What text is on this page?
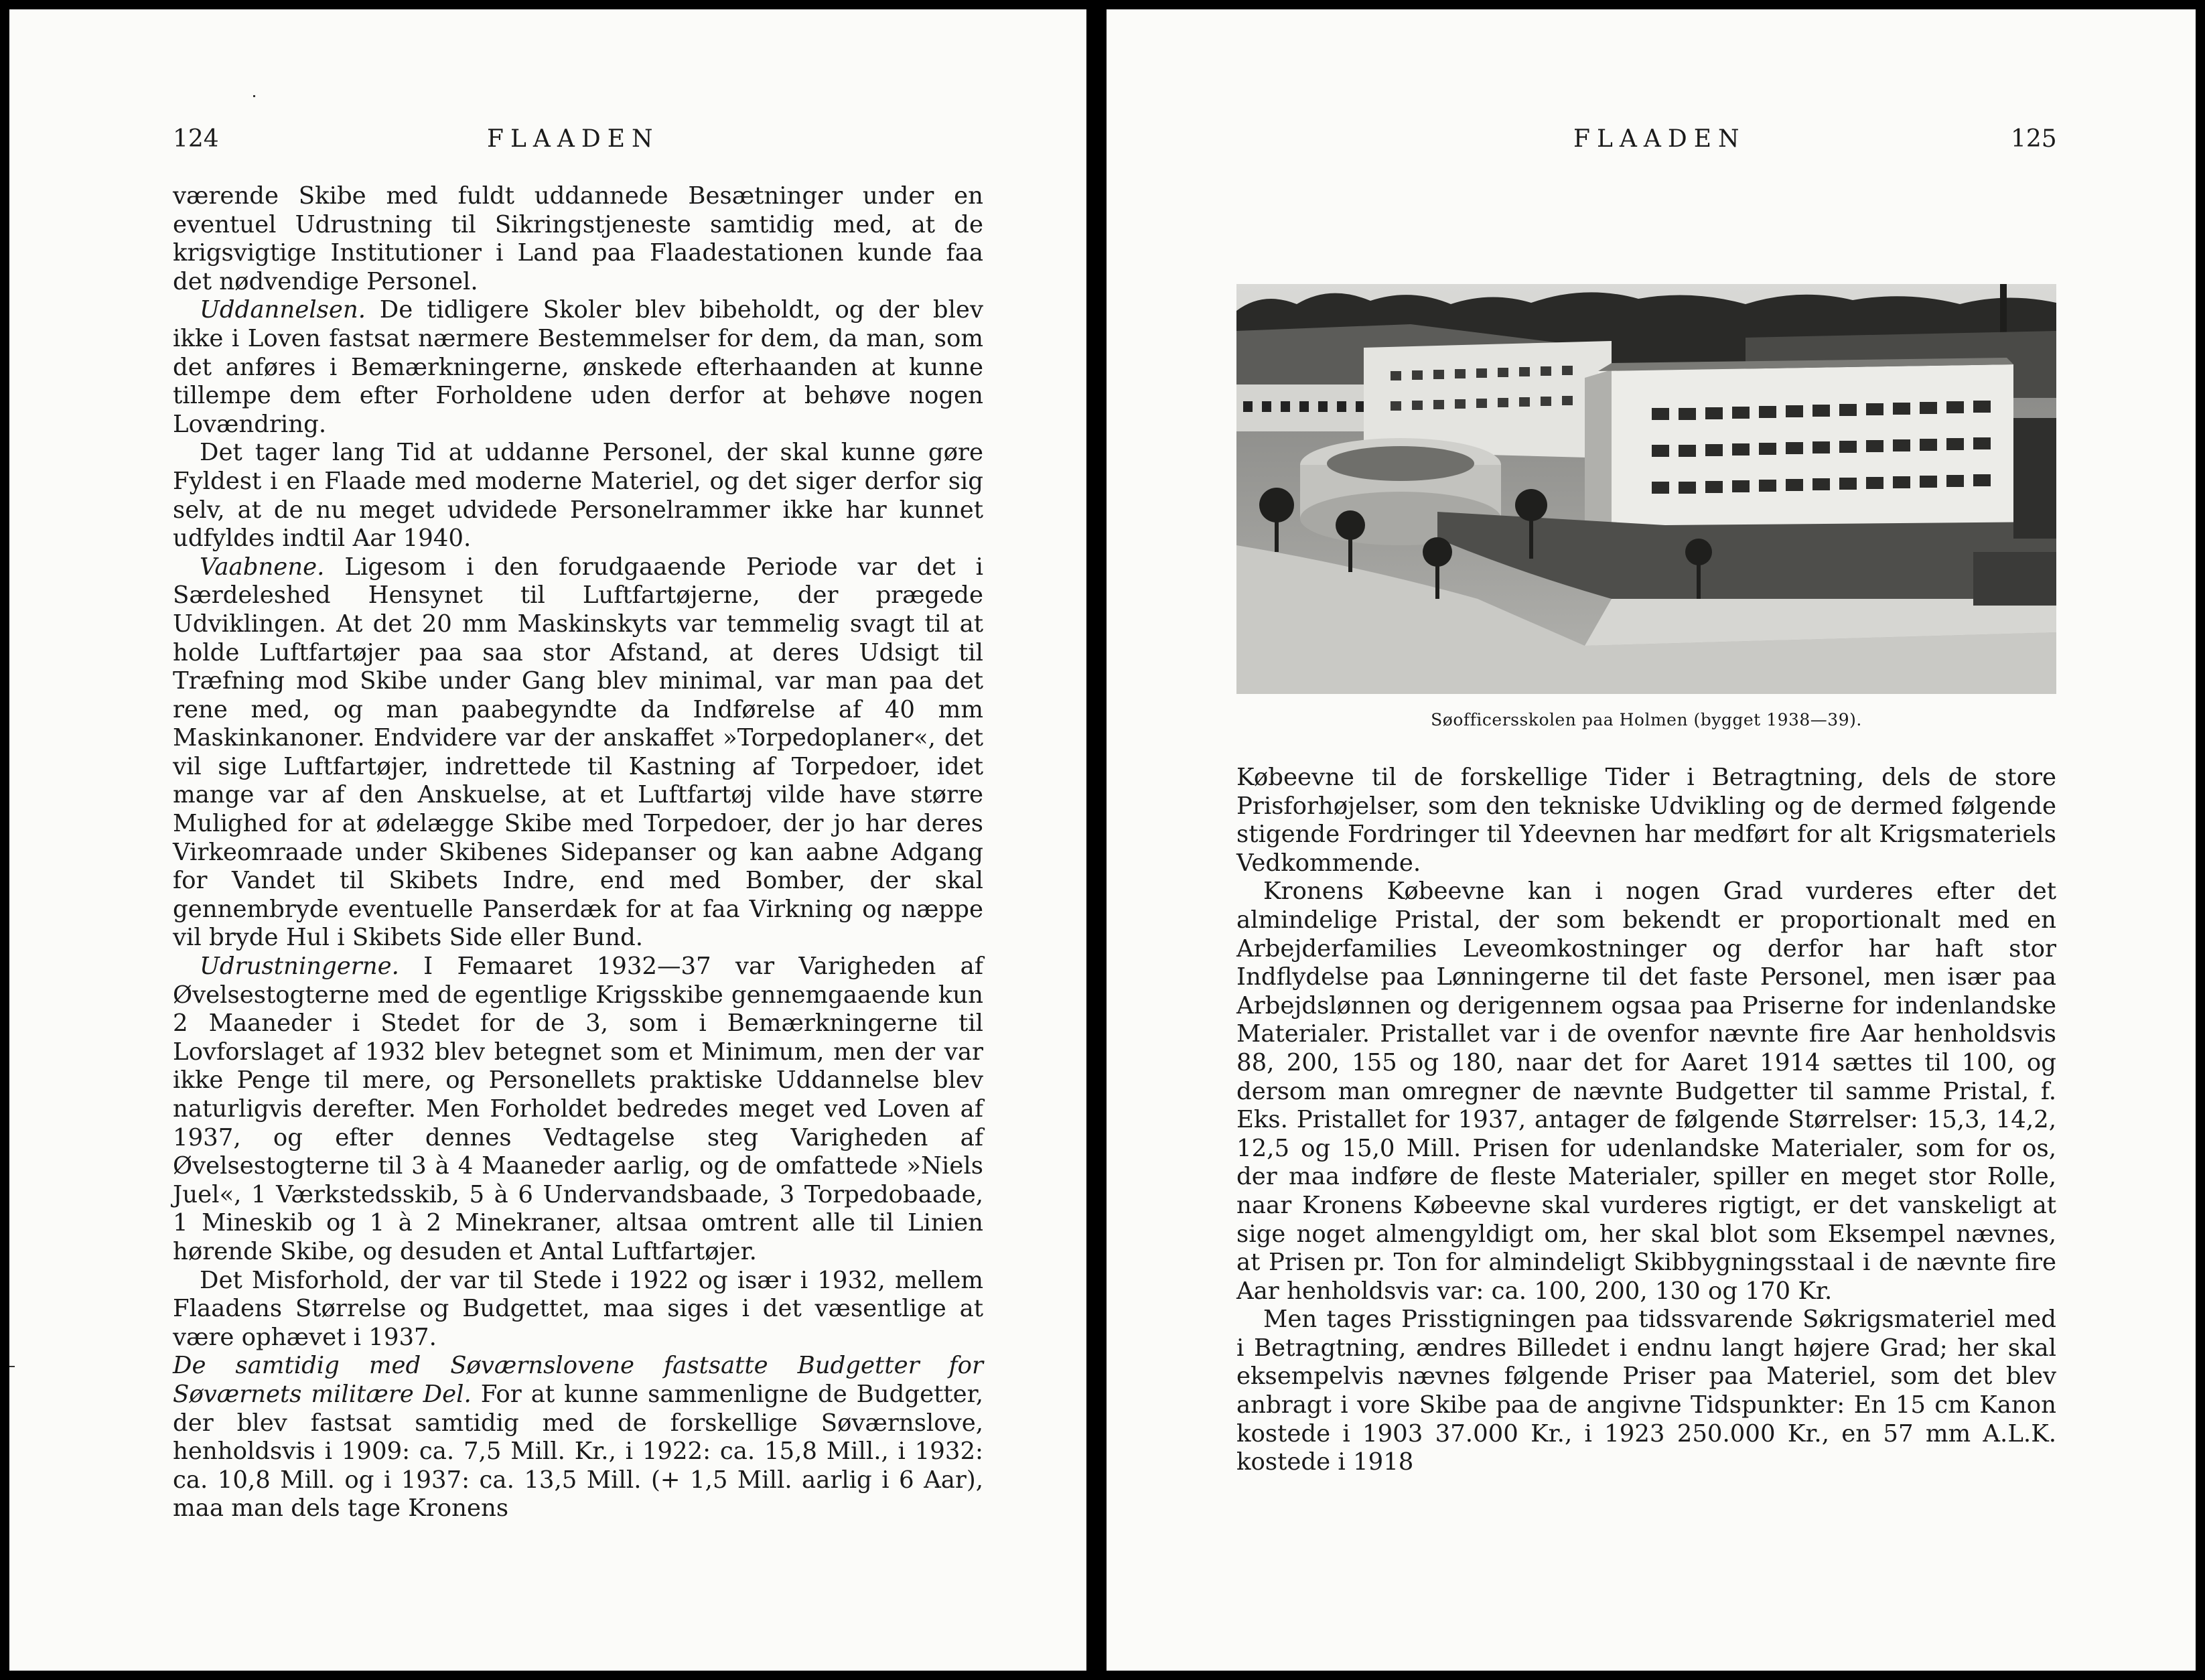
124	FLAADEN

værende Skibe med fuldt uddannede Besætninger under en eventuel Udrustning til Sikringstjeneste samtidig med, at de krigsvigtige Institutioner i Land paa Flaadestationen kunde faa det nødvendige Personel.

Uddannelsen. De tidligere Skoler blev bibeholdt, og der blev ikke i Loven fastsat nærmere Bestemmelser for dem, da man, som det anføres i Bemærkningerne, ønskede efterhaanden at kunne tillempe dem efter Forholdene uden derfor at behøve nogen Lovændring.

Det tager lang Tid at uddanne Personel, der skal kunne gøre Fyldest i en Flaade med moderne Materiel, og det siger derfor sig selv, at de nu meget udvidede Personelrammer ikke har kunnet udfyldes indtil Aar 1940.

Vaabnene. Ligesom i den forudgaaende Periode var det i Særdeleshed Hensynet til Luftfartøjerne, der prægede Udviklingen. At det 20 mm Maskinskyts var temmelig svagt til at holde Luftfartøjer paa saa stor Afstand, at deres Udsigt til Træfning mod Skibe under Gang blev minimal, var man paa det rene med, og man paabegyndte da Indførelse af 40 mm Maskinkanoner. Endvidere var der anskaffet »Torpedoplaner«, det vil sige Luftfartøjer, indrettede til Kastning af Torpedoer, idet mange var af den Anskuelse, at et Luftfartøj vilde have større Mulighed for at ødelægge Skibe med Torpedoer, der jo har deres Virkeomraade under Skibenes Sidepanser og kan aabne Adgang for Vandet til Skibets Indre, end med Bomber, der skal gennembryde eventuelle Panserdæk for at faa Virkning og næppe vil bryde Hul i Skibets Side eller Bund.

Udrustningerne. I Femaaret 1932—37 var Varigheden af Øvelsestogterne med de egentlige Krigsskibe gennemgaaende kun 2 Maaneder i Stedet for de 3, som i Bemærkningerne til Lovforslaget af 1932 blev betegnet som et Minimum, men der var ikke Penge til mere, og Personellets praktiske Uddannelse blev naturligvis derefter. Men Forholdet bedredes meget ved Loven af 1937, og efter dennes Vedtagelse steg Varigheden af Øvelsestogterne til 3 à 4 Maaneder aarlig, og de omfattede »Niels Juel«, 1 Værkstedsskib, 5 à 6 Undervandsbaade, 3 Torpedobaade, 1 Mineskib og 1 à 2 Minekraner, altsaa omtrent alle til Linien hørende Skibe, og desuden et Antal Luftfartøjer.

Det Misforhold, der var til Stede i 1922 og især i 1932, mellem Flaadens Størrelse og Budgettet, maa siges i det væsentlige at være ophævet i 1937.

De samtidig med Søværnslovene fastsatte Budgetter for Søværnets militære Del. For at kunne sammenligne de Budgetter, der blev fastsat samtidig med de forskellige Søværnslove, henholdsvis i 1909: ca. 7,5 Mill. Kr., i 1922: ca. 15,8 Mill., i 1932: ca. 10,8 Mill. og i 1937: ca. 13,5 Mill. (+ 1,5 Mill. aarlig i 6 Aar), maa man dels tage Kronens

FLAADEN	125
Søofficersskolen paa Holmen (bygget 1938—39).

Købeevne til de forskellige Tider i Betragtning, dels de store Prisforhøjelser, som den tekniske Udvikling og de dermed følgende stigende Fordringer til Ydeevnen har medført for alt Krigsmateriels Vedkommende.

Kronens Købeevne kan i nogen Grad vurderes efter det almindelige Pristal, der som bekendt er proportionalt med en Arbejderfamilies Leveomkostninger og derfor har haft stor Indflydelse paa Lønningerne til det faste Personel, men især paa Arbejdslønnen og derigennem ogsaa paa Priserne for indenlandske Materialer. Pristallet var i de ovenfor nævnte fire Aar henholdsvis 88, 200, 155 og 180, naar det for Aaret 1914 sættes til 100, og dersom man omregner de nævnte Budgetter til samme Pristal, f. Eks. Pristallet for 1937, antager de følgende Størrelser: 15,3, 14,2, 12,5 og 15,0 Mill. Prisen for udenlandske Materialer, som for os, der maa indføre de fleste Materialer, spiller en meget stor Rolle, naar Kronens Købeevne skal vurderes rigtigt, er det vanskeligt at sige noget almengyldigt om, her skal blot som Eksempel nævnes, at Prisen pr. Ton for almindeligt Skibbygningsstaal i de nævnte fire Aar henholdsvis var: ca. 100, 200, 130 og 170 Kr.

Men tages Prisstigningen paa tidssvarende Søkrigsmateriel med i Betragtning, ændres Billedet i endnu langt højere Grad; her skal eksempelvis nævnes følgende Priser paa Materiel, som det blev anbragt i vore Skibe paa de angivne Tidspunkter: En 15 cm Kanon kostede i 1903 37.000 Kr., i 1923 250.000 Kr., en 57 mm A.L.K. kostede i 1918
